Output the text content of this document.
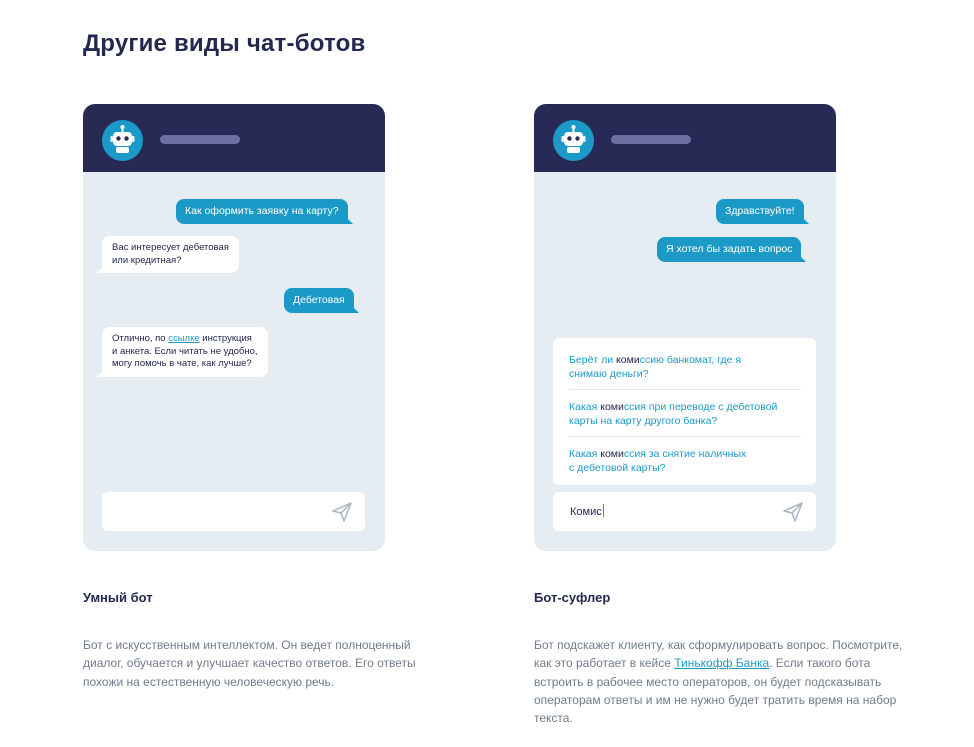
Другие виды чат-ботов
Как оформить заявку на карту?
Вас интересует дебетовая
или кредитная?
Дебетовая
Отлично, по ссылке инструкция
и анкета. Если читать не удобно,
могу помочь в чате, как лучше?
Здравствуйте!
Я хотел бы задать вопрос
Берёт ли комиссию банкомат, где я
снимаю деньги?
Какая комиссия при переводе с дебетовой
карты на карту другого банка?
Какая комиссия за снятие наличных
с дебетовой карты?
Комис
Умный бот

Бот с искусственным интеллектом. Он ведет полноценный диалог, обучается и улучшает качество ответов. Его ответы похожи на естественную человеческую речь.

Бот-суфлер

Бот подскажет клиенту, как сформулировать вопрос. Посмотрите, как это работает в кейсе Тинькофф Банка. Если такого бота встроить в рабочее место операторов, он будет подсказывать операторам ответы и им не нужно будет тратить время на набор текста.
